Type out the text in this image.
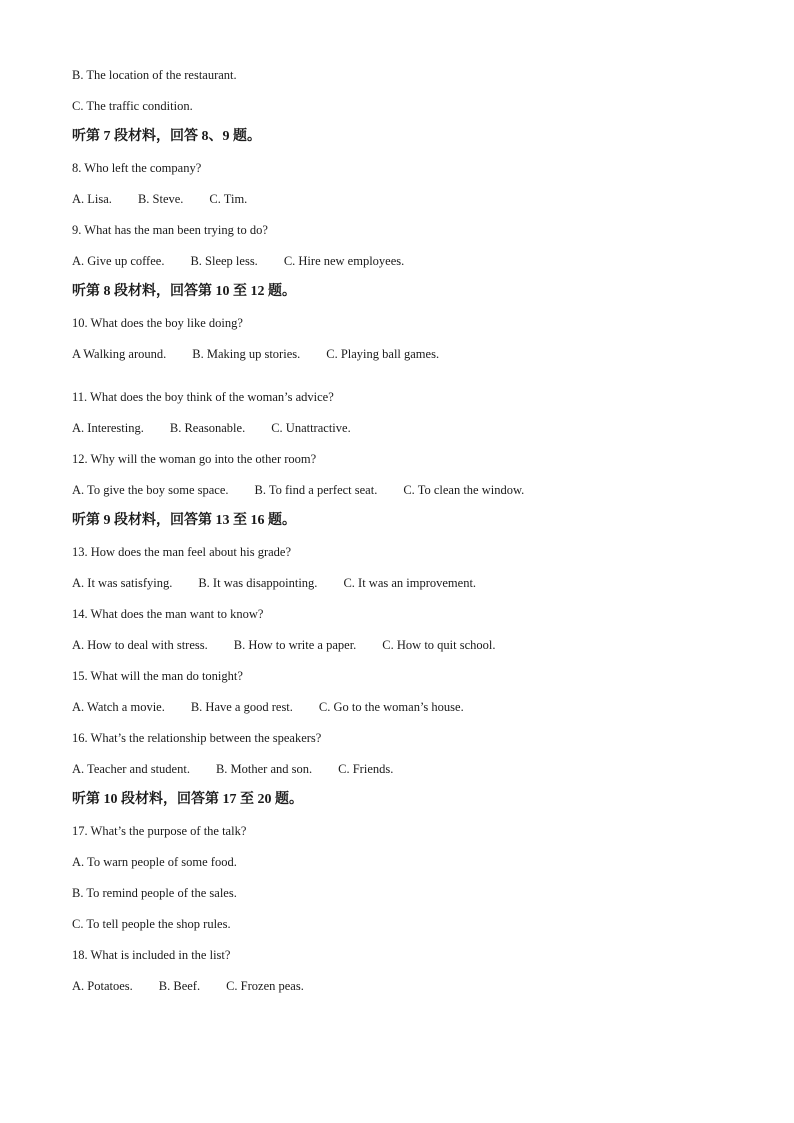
B. The location of the restaurant.
C. The traffic condition.
听第 7 段材料，回答 8、9 题。
8. Who left the company?
A. Lisa. B. Steve. C. Tim.
9. What has the man been trying to do?
A. Give up coffee. B. Sleep less. C. Hire new employees.
听第 8 段材料，回答第 10 至 12 题。
10. What does the boy like doing?
A Walking around. B. Making up stories. C. Playing ball games.
11. What does the boy think of the woman’s advice?
A. Interesting. B. Reasonable. C. Unattractive.
12. Why will the woman go into the other room?
A. To give the boy some space. B. To find a perfect seat. C. To clean the window.
听第 9 段材料，回答第 13 至 16 题。
13. How does the man feel about his grade?
A. It was satisfying. B. It was disappointing. C. It was an improvement.
14. What does the man want to know?
A. How to deal with stress. B. How to write a paper. C. How to quit school.
15. What will the man do tonight?
A. Watch a movie. B. Have a good rest. C. Go to the woman’s house.
16. What’s the relationship between the speakers?
A. Teacher and student. B. Mother and son. C. Friends.
听第 10 段材料，回答第 17 至 20 题。
17. What’s the purpose of the talk?
A. To warn people of some food.
B. To remind people of the sales.
C. To tell people the shop rules.
18. What is included in the list?
A. Potatoes. B. Beef. C. Frozen peas.
